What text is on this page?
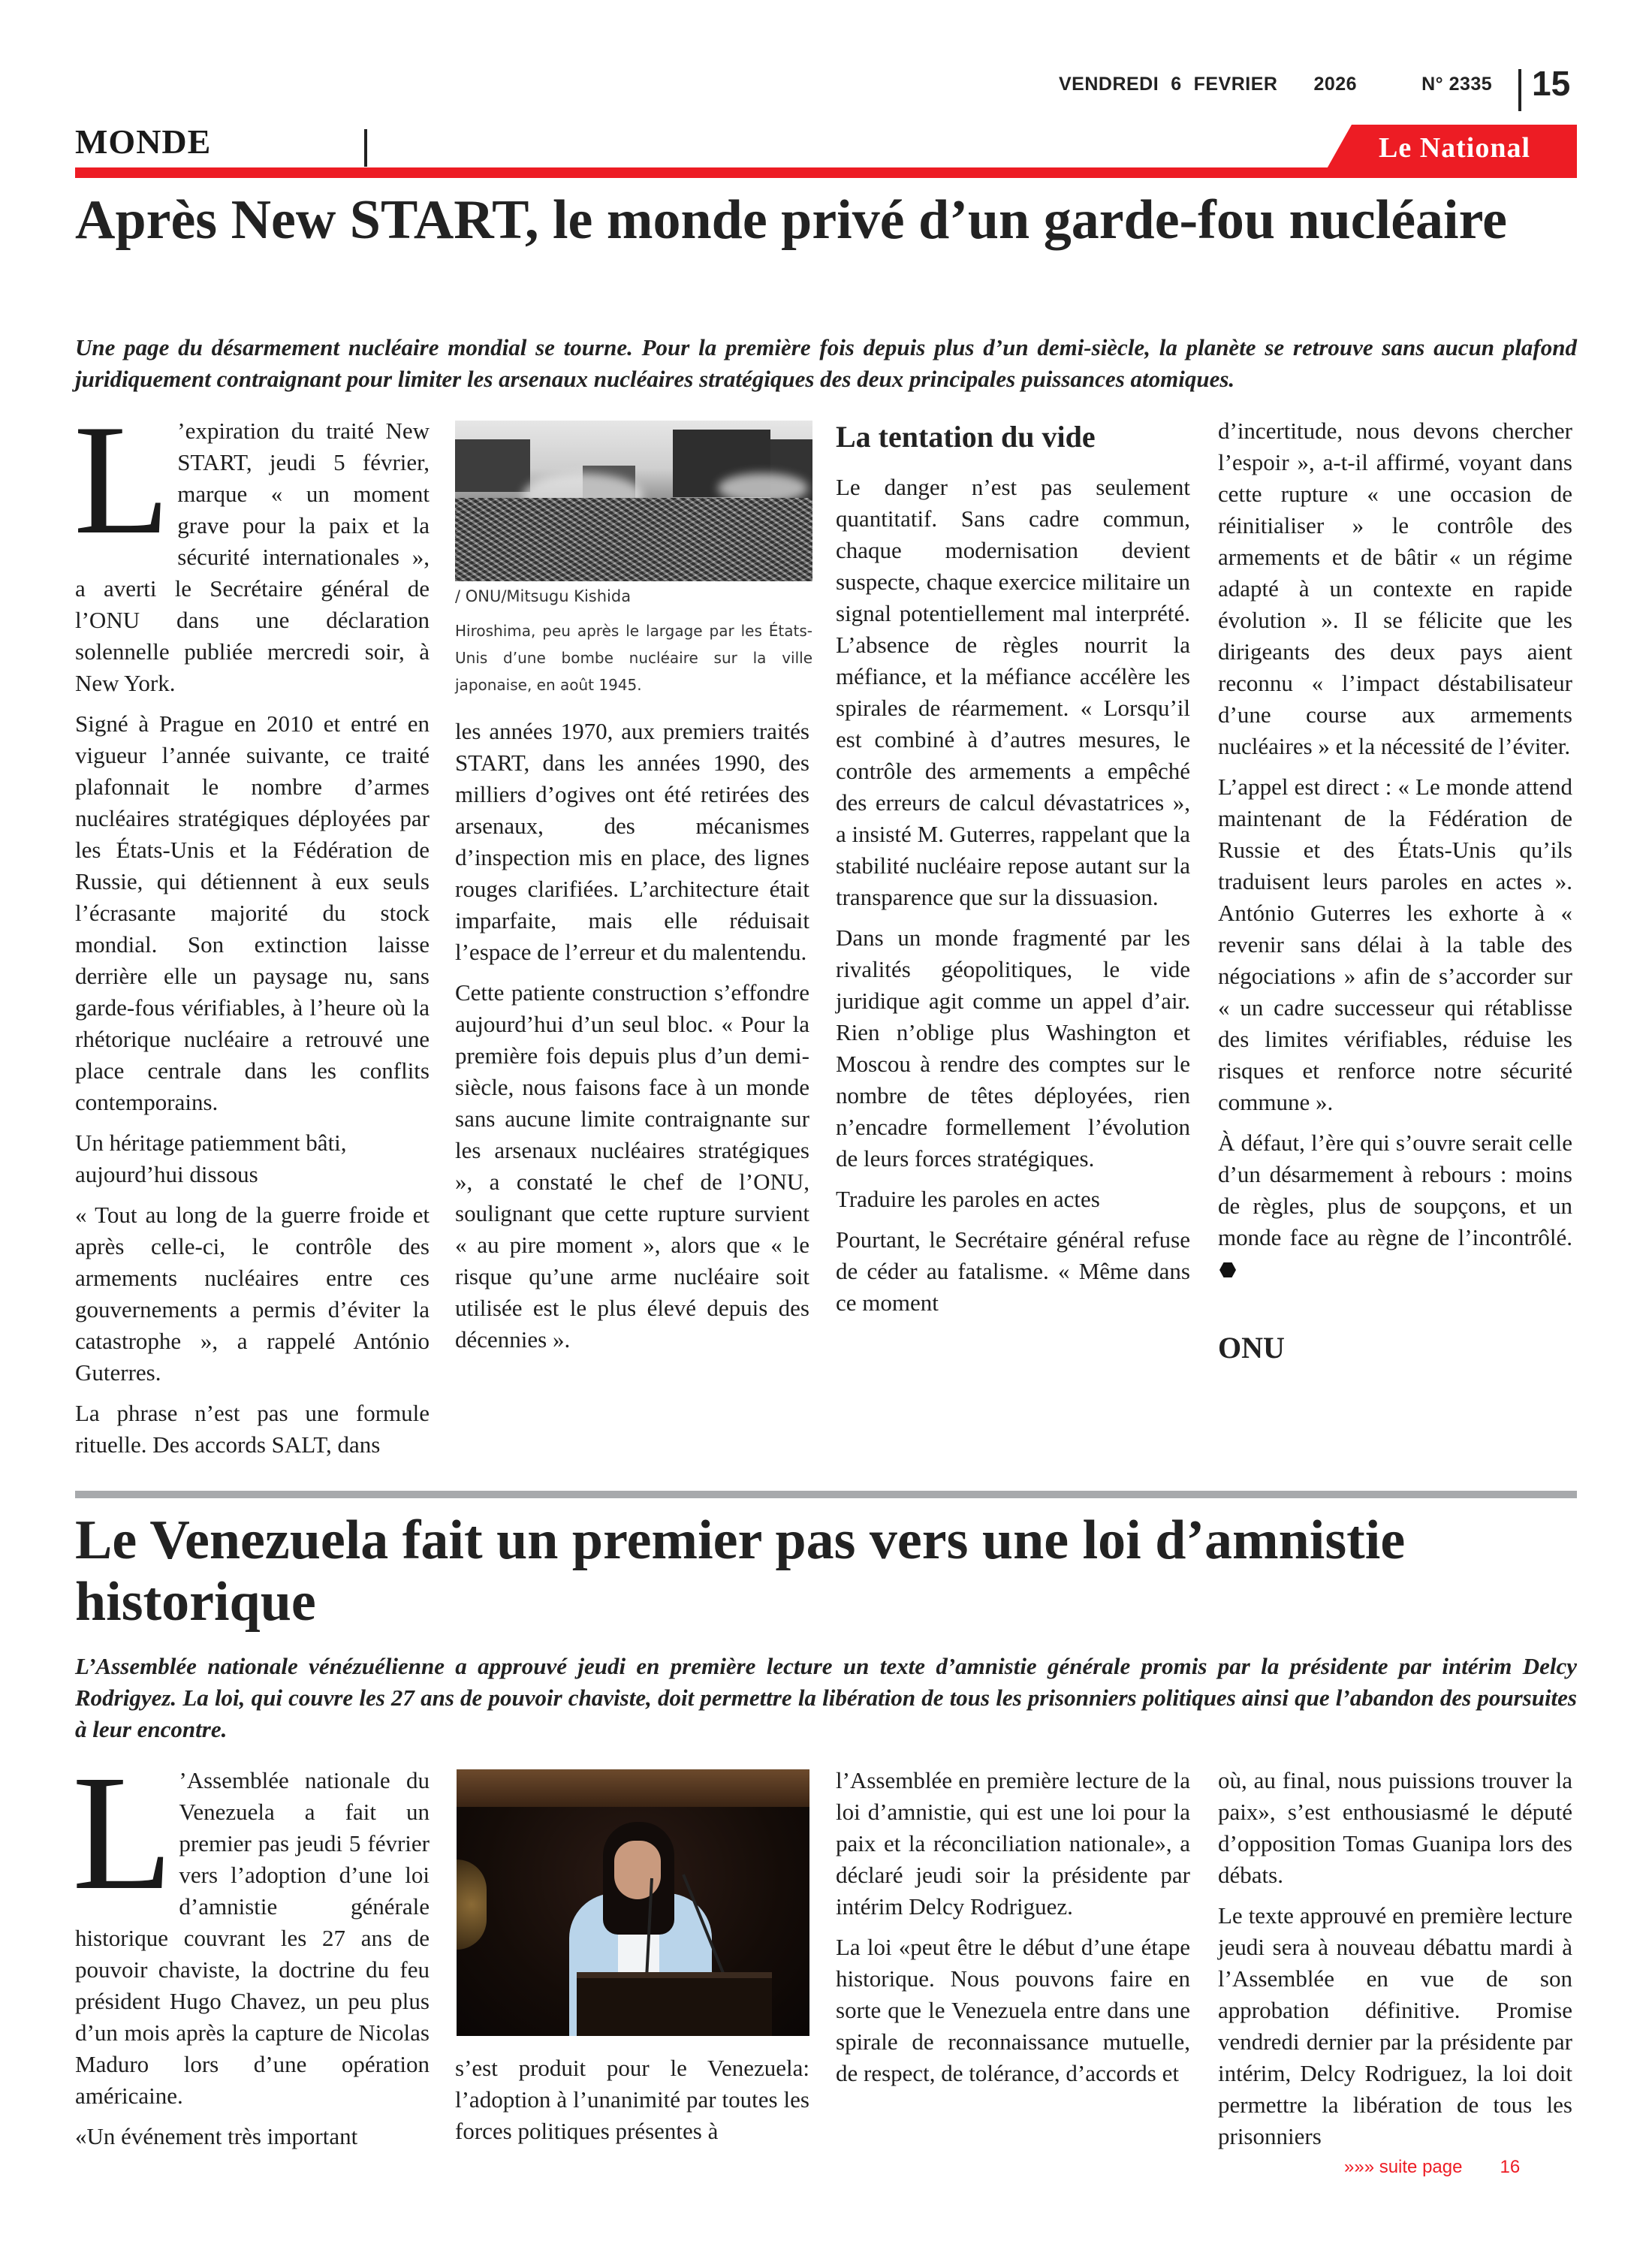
VENDREDI 6 FEVRIER 2026	N° 2335 15
MONDE	Le National
Après New START, le monde privé d’un garde-fou nucléaire

Une page du désarmement nucléaire mondial se tourne. Pour la première fois depuis plus d’un demi-siècle, la planète se retrouve sans aucun plafond juridiquement contraignant pour limiter les arsenaux nucléaires stratégiques des deux principales puissances atomiques.

L ’expiration du traité New START, jeudi 5 février, marque « un moment grave pour la paix et la sécurité internationales », a averti le Secrétaire général de l’ONU dans une déclaration solennelle publiée mercredi soir, à New York.

Signé à Prague en 2010 et entré en vigueur l’année suivante, ce traité plafonnait le nombre d’armes nucléaires stratégiques déployées par les États-Unis et la Fédération de Russie, qui détiennent à eux seuls l’écrasante majorité du stock mondial. Son extinction laisse derrière elle un paysage nu, sans garde-fous vérifiables, à l’heure où la rhétorique nucléaire a retrouvé une place centrale dans les conflits contemporains.

Un héritage patiemment bâti, aujourd’hui dissous

« Tout au long de la guerre froide et après celle-ci, le contrôle des armements nucléaires entre ces gouvernements a permis d’éviter la catastrophe », a rappelé António Guterres.

La phrase n’est pas une formule rituelle. Des accords SALT, dans

/ ONU/Mitsugu Kishida
Hiroshima, peu après le largage par les États-Unis d’une bombe nucléaire sur la ville japonaise, en août 1945.

les années 1970, aux premiers traités START, dans les années 1990, des milliers d’ogives ont été retirées des arsenaux, des mécanismes d’inspection mis en place, des lignes rouges clarifiées. L’architecture était imparfaite, mais elle réduisait l’espace de l’erreur et du malentendu.

Cette patiente construction s’effondre aujourd’hui d’un seul bloc. « Pour la première fois depuis plus d’un demi-siècle, nous faisons face à un monde sans aucune limite contraignante sur les arsenaux nucléaires stratégiques », a constaté le chef de l’ONU, soulignant que cette rupture survient « au pire moment », alors que « le risque qu’une arme nucléaire soit utilisée est le plus élevé depuis des décennies ».

La tentation du vide

Le danger n’est pas seulement quantitatif. Sans cadre commun, chaque modernisation devient suspecte, chaque exercice militaire un signal potentiellement mal interprété. L’absence de règles nourrit la méfiance, et la méfiance accélère les spirales de réarmement. « Lorsqu’il est combiné à d’autres mesures, le contrôle des armements a empêché des erreurs de calcul dévastatrices », a insisté M. Guterres, rappelant que la stabilité nucléaire repose autant sur la transparence que sur la dissuasion.

Dans un monde fragmenté par les rivalités géopolitiques, le vide juridique agit comme un appel d’air. Rien n’oblige plus Washington et Moscou à rendre des comptes sur le nombre de têtes déployées, rien n’encadre formellement l’évolution de leurs forces stratégiques.

Traduire les paroles en actes

Pourtant, le Secrétaire général refuse de céder au fatalisme. « Même dans ce moment

d’incertitude, nous devons chercher l’espoir », a-t-il affirmé, voyant dans cette rupture « une occasion de réinitialiser » le contrôle des armements et de bâtir « un régime adapté à un contexte en rapide évolution ». Il se félicite que les dirigeants des deux pays aient reconnu « l’impact déstabilisateur d’une course aux armements nucléaires » et la nécessité de l’éviter.

L’appel est direct : « Le monde attend maintenant de la Fédération de Russie et des États-Unis qu’ils traduisent leurs paroles en actes ». António Guterres les exhorte à « revenir sans délai à la table des négociations » afin de s’accorder sur « un cadre successeur qui rétablisse des limites vérifiables, réduise les risques et renforce notre sécurité commune ».

À défaut, l’ère qui s’ouvre serait celle d’un désarmement à rebours : moins de règles, plus de soupçons, et un monde face au règne de l’incontrôlé.

ONU
Le Venezuela fait un premier pas vers une loi d’amnistie historique

L’Assemblée nationale vénézuélienne a approuvé jeudi en première lecture un texte d’amnistie générale promis par la présidente par intérim Delcy Rodrigyez. La loi, qui couvre les 27 ans de pouvoir chaviste, doit permettre la libération de tous les prisonniers politiques ainsi que l’abandon des poursuites à leur encontre.

L ’Assemblée nationale du Venezuela a fait un premier pas jeudi 5 février vers l’adoption d’une loi d’amnistie générale historique couvrant les 27 ans de pouvoir chaviste, la doctrine du feu président Hugo Chavez, un peu plus d’un mois après la capture de Nicolas Maduro lors d’une opération américaine.

«Un événement très important

s’est produit pour le Venezuela: l’adoption à l’unanimité par toutes les forces politiques présentes à

l’Assemblée en première lecture de la loi d’amnistie, qui est une loi pour la paix et la réconciliation nationale», a déclaré jeudi soir la présidente par intérim Delcy Rodriguez.

La loi «peut être le début d’une étape historique. Nous pouvons faire en sorte que le Venezuela entre dans une spirale de reconnaissance mutuelle, de respect, de tolérance, d’accords et

où, au final, nous puissions trouver la paix», s’est enthousiasmé le député d’opposition Tomas Guanipa lors des débats.

Le texte approuvé en première lecture jeudi sera à nouveau débattu mardi à l’Assemblée en vue de son approbation définitive. Promise vendredi dernier par la présidente par intérim, Delcy Rodriguez, la loi doit permettre la libération de tous les prisonniers

»»» suite page 16
